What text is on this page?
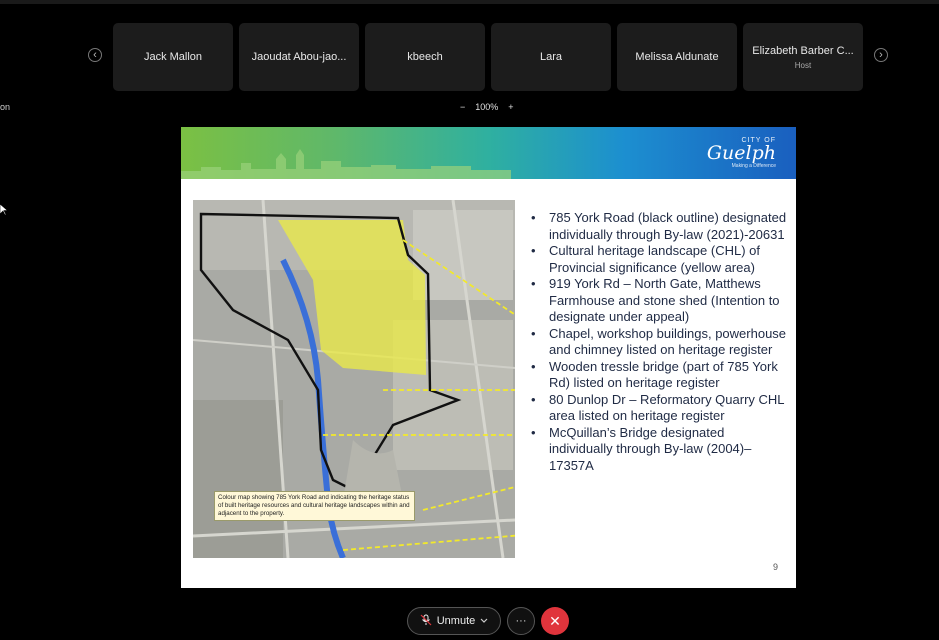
on
‹	›
Jack Mallon	Jaoudat Abou-jao...	kbeech	Lara	Melissa Aldunate
Elizabeth Barber C...
Host
− 100% +
CITY OF
Guelph
Making a Difference
Colour map showing 785 York Road and indicating the heritage status of built heritage resources and cultural heritage landscapes within and adjacent to the property.
• 785 York Road (black outline) designated individually through By-law (2021)-20631
• Cultural heritage landscape (CHL) of Provincial significance (yellow area)
• 919 York Rd – North Gate, Matthews Farmhouse and stone shed (Intention to designate under appeal)
• Chapel, workshop buildings, powerhouse and chimney listed on heritage register
• Wooden tressle bridge (part of 785 York Rd) listed on heritage register
• 80 Dunlop Dr – Reformatory Quarry CHL area listed on heritage register
• McQuillan’s Bridge designated individually through By-law (2004)–17357A
9
Unmute	···	✕
